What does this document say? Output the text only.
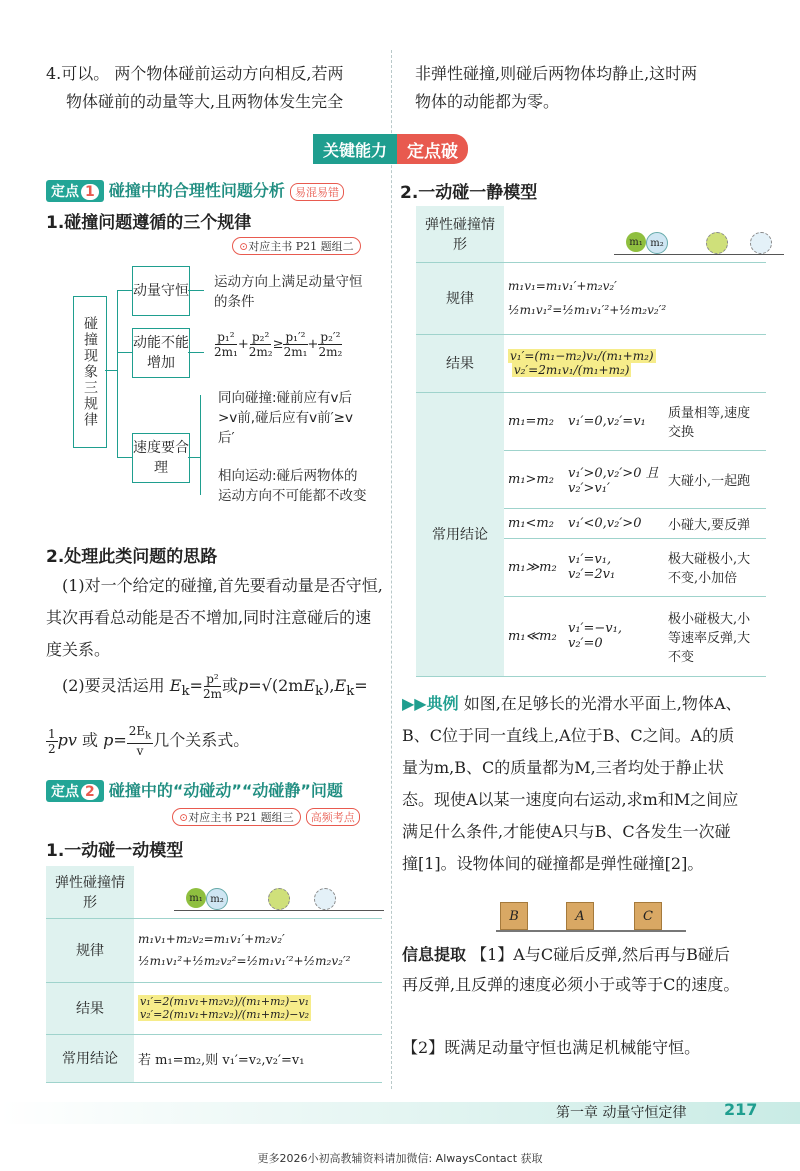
4.可以。 两个物体碰前运动方向相反,若两
物体碰前的动量等大,且两物体发生完全
非弹性碰撞,则碰后两物体均静止,这时两
物体的动能都为零。
关键能力	定点破
定点 1 碰撞中的合理性问题分析 易混易错
1.碰撞问题遵循的三个规律
⊙对应主书 P21 题组二
碰撞现象三规律
动量守恒
动能不能增加
速度要合理
运动方向上满足动量守恒的条件
$\frac{\text{p₁²}}{\text{2m₁}} + \frac{\text{p₂²}}{\text{2m₂}} \ge \frac{\text{p₁′²}}{\text{2m₁}} + \frac{\text{p₂′²}}{\text{2m₂}}$
同向碰撞:碰前应有v后>v前,碰后应有v前′≥v后′
相向运动:碰后两物体的运动方向不可能都不改变
2.处理此类问题的思路
(1)对一个给定的碰撞,首先要看动量是否守恒,其次再看总动能是否不增加,同时注意碰后的速度关系。
(2)要灵活运用 $E_k= \frac{\text{p²}}{2m}$ 或$p=√(2mE_k),E_k=$
$\frac{1}{2}$ pv 或 $p= \frac{2E_k}{v}$ 几个关系式。
定点 2 碰撞中的“动碰动”“动碰静”问题
⊙对应主书 P21 题组三 高频考点
1.一动碰一动模型
弹性碰撞情形	m₁ m₂

规律	m₁v₁+m₂v₂=m₁v₁′+m₂v₂′
½m₁v₁²+½m₂v₂²=½m₁v₁′²+½m₂v₂′²
结果	v₁′=2(m₁v₁+m₂v₂)/(m₁+m₂)−v₁ v₂′=2(m₁v₁+m₂v₂)/(m₁+m₂)−v₂
常用结论	若 m₁=m₂,则 v₁′=v₂,v₂′=v₁
2.一动碰一静模型
弹性碰撞情形	m₁ m₂		

规律	m₁v₁=m₁v₁′+m₂v₂′
½m₁v₁²=½m₁v₁′²+½m₂v₂′²		
结果	v₁′=(m₁−m₂)v₁/(m₁+m₂)  v₂′=2m₁v₁/(m₁+m₂)		
常用结论	m₁=m₂	v₁′=0,v₂′=v₁	质量相等,速度交换
	m₁>m₂	v₁′>0,v₂′>0 且 v₂′>v₁′	大碰小,一起跑
	m₁<m₂	v₁′<0,v₂′>0	小碰大,要反弹
	m₁≫m₂	v₁′=v₁, v₂′=2v₁	极大碰极小,大不变,小加倍
	m₁≪m₂	v₁′=−v₁, v₂′=0	极小碰极大,小等速率反弹,大不变
▶▶典例 如图,在足够长的光滑水平面上,物体A、B、C位于同一直线上,A位于B、C之间。A的质量为m,B、C的质量都为M,三者均处于静止状态。现使A以某一速度向右运动,求m和M之间应满足什么条件,才能使A只与B、C各发生一次碰撞[1]。设物体间的碰撞都是弹性碰撞[2]。
B	A	C
信息提取 【1】A与C碰后反弹,然后再与B碰后再反弹,且反弹的速度必须小于或等于C的速度。
【2】既满足动量守恒也满足机械能守恒。
第一章 动量守恒定律 217
更多2026小初高教辅资料请加微信: AlwaysContact 获取
